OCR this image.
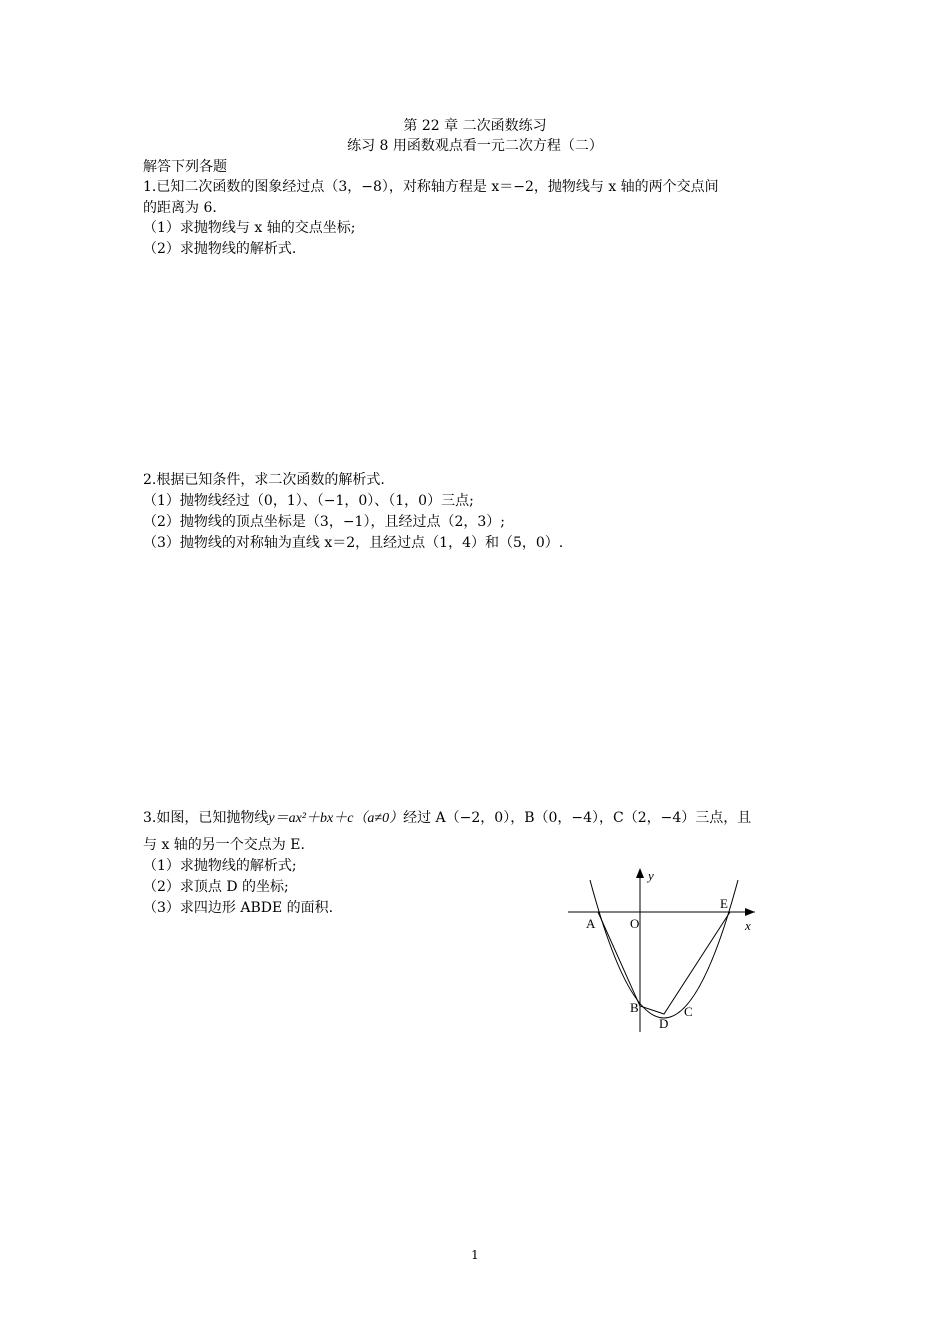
第 22 章 二次函数练习
练习 8 用函数观点看一元二次方程（二）
解答下列各题
1.已知二次函数的图象经过点（3，−8），对称轴方程是 x＝−2，抛物线与 x 轴的两个交点间
的距离为 6.
（1）求抛物线与 x 轴的交点坐标;
（2）求抛物线的解析式.
2.根据已知条件，求二次函数的解析式.
（1）抛物线经过（0，1）、（−1，0）、（1，0）三点;
（2）抛物线的顶点坐标是（3，−1），且经过点（2，3）;
（3）抛物线的对称轴为直线 x＝2，且经过点（1，4）和（5，0）.
3.如图，已知抛物线y＝ax²＋bx＋c（a≠0）经过 A（−2，0），B（0，−4），C（2，−4）三点，且
与 x 轴的另一个交点为 E.
（1）求抛物线的解析式;
（2）求顶点 D 的坐标;
（3）求四边形 ABDE 的面积.
y
x
A	O
E
B
D
C
1
